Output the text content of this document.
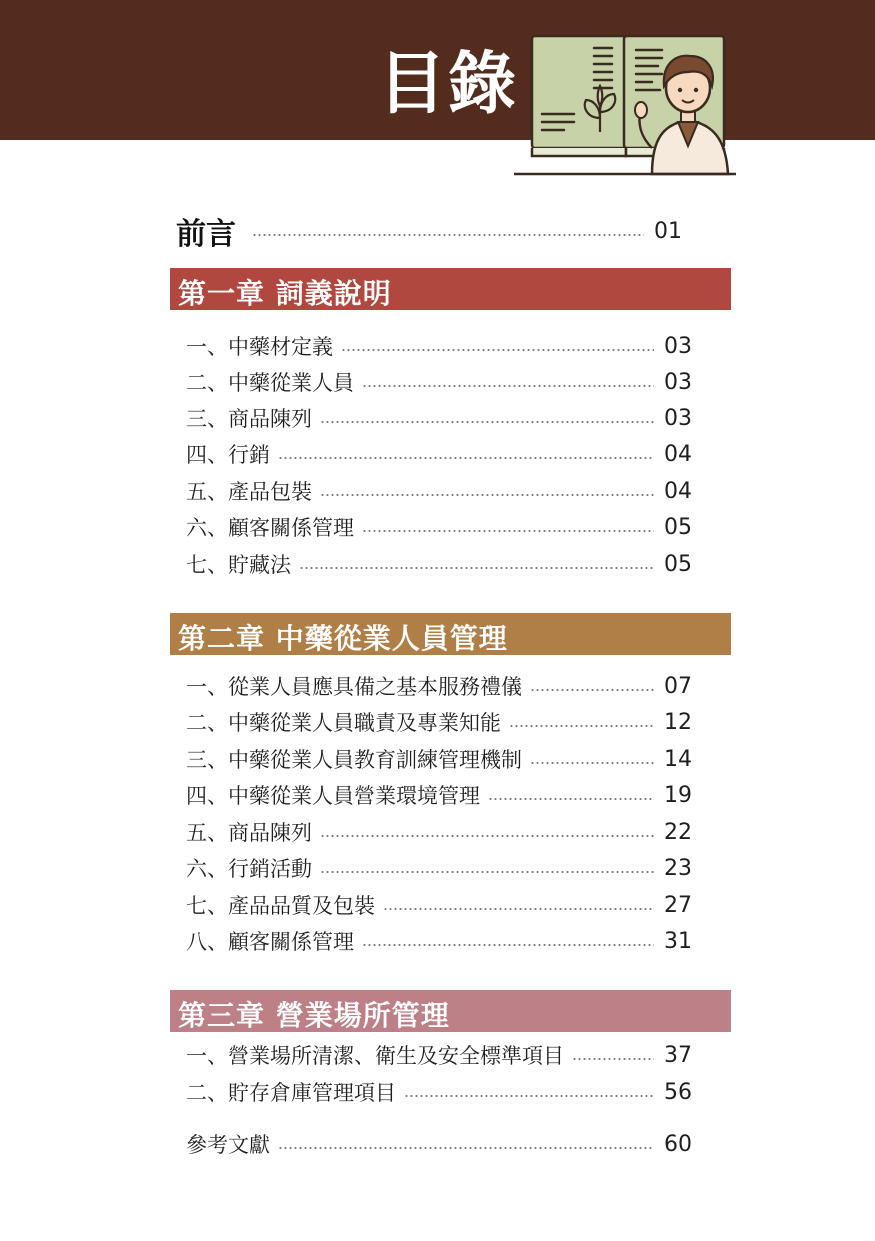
目錄
前言	01
第一章 詞義說明
一、中藥材定義	03
二、中藥從業人員	03
三、商品陳列	03
四、行銷	04
五、產品包裝	04
六、顧客關係管理	05
七、貯藏法	05
第二章 中藥從業人員管理
一、從業人員應具備之基本服務禮儀	07
二、中藥從業人員職責及專業知能	12
三、中藥從業人員教育訓練管理機制	14
四、中藥從業人員營業環境管理	19
五、商品陳列	22
六、行銷活動	23
七、產品品質及包裝	27
八、顧客關係管理	31
第三章 營業場所管理
一、營業場所清潔、衛生及安全標準項目	37
二、貯存倉庫管理項目	56
參考文獻	60
